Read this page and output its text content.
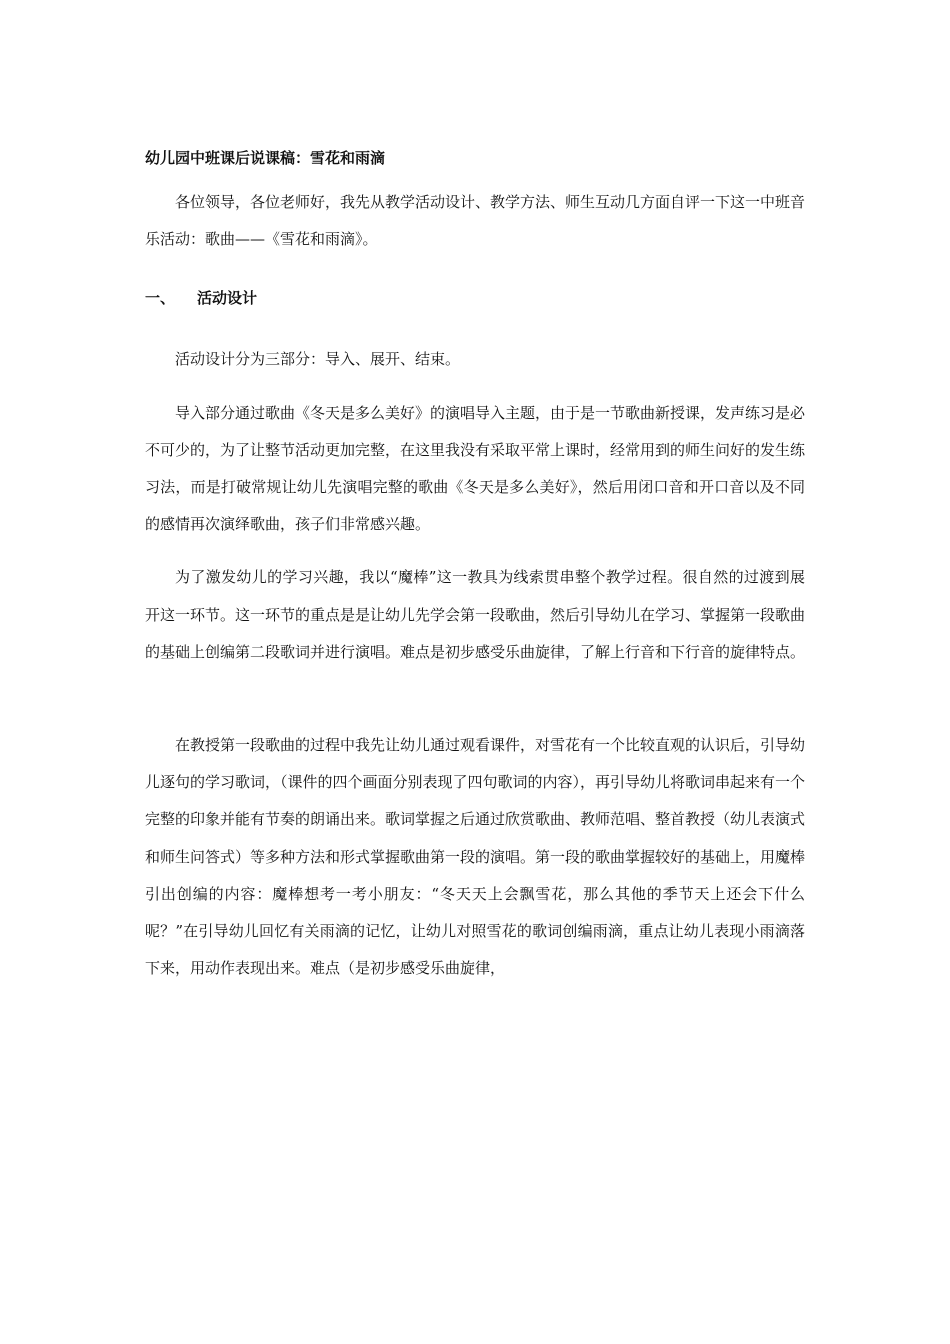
幼儿园中班课后说课稿：雪花和雨滴

各位领导，各位老师好，我先从教学活动设计、教学方法、师生互动几方面自评一下这一中班音乐活动：歌曲——《雪花和雨滴》。

一、	活动设计

活动设计分为三部分：导入、展开、结束。

导入部分通过歌曲《冬天是多么美好》的演唱导入主题，由于是一节歌曲新授课，发声练习是必不可少的，为了让整节活动更加完整，在这里我没有采取平常上课时，经常用到的师生问好的发生练习法，而是打破常规让幼儿先演唱完整的歌曲《冬天是多么美好》，然后用闭口音和开口音以及不同的感情再次演绎歌曲，孩子们非常感兴趣。

为了激发幼儿的学习兴趣，我以“魔棒”这一教具为线索贯串整个教学过程。很自然的过渡到展开这一环节。这一环节的重点是是让幼儿先学会第一段歌曲，然后引导幼儿在学习、掌握第一段歌曲的基础上创编第二段歌词并进行演唱。难点是初步感受乐曲旋律，了解上行音和下行音的旋律特点。

在教授第一段歌曲的过程中我先让幼儿通过观看课件，对雪花有一个比较直观的认识后，引导幼儿逐句的学习歌词，（课件的四个画面分别表现了四句歌词的内容），再引导幼儿将歌词串起来有一个完整的印象并能有节奏的朗诵出来。歌词掌握之后通过欣赏歌曲、教师范唱、整首教授（幼儿表演式和师生问答式）等多种方法和形式掌握歌曲第一段的演唱。第一段的歌曲掌握较好的基础上，用魔棒引出创编的内容：魔棒想考一考小朋友：“冬天天上会飘雪花，那么其他的季节天上还会下什么呢？”在引导幼儿回忆有关雨滴的记忆，让幼儿对照雪花的歌词创编雨滴，重点让幼儿表现小雨滴落下来，用动作表现出来。难点（是初步感受乐曲旋律，
